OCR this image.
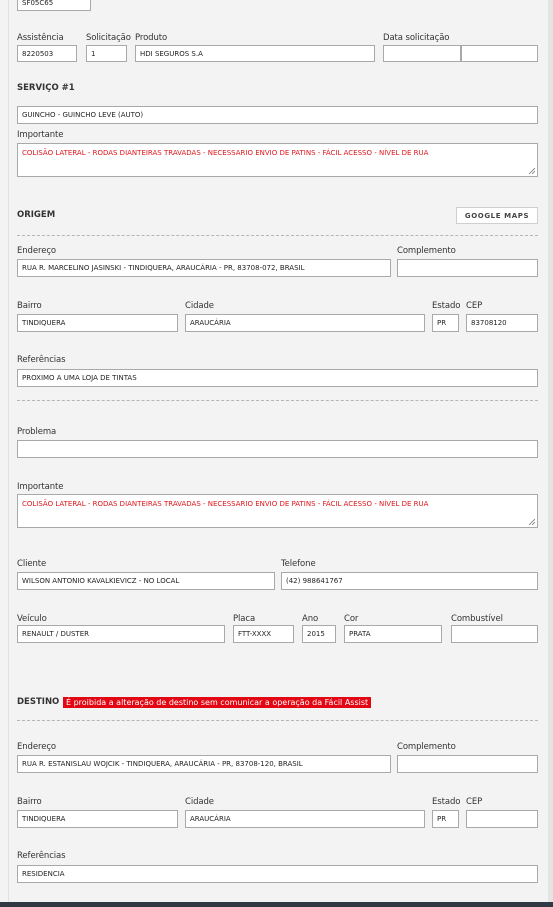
SF05C65
Assistência
8220503
Solicitação
1
Produto
HDI SEGUROS S.A
Data solicitação
SERVIÇO #1
GUINCHO - GUINCHO LEVE (AUTO)
Importante
COLISÃO LATERAL - RODAS DIANTEIRAS TRAVADAS - NECESSARIO ENVIO DE PATINS - FÁCIL ACESSO - NÍVEL DE RUA
ORIGEM	GOOGLE MAPS
Endereço
RUA R. MARCELINO JASINSKI - TINDIQUERA, ARAUCÁRIA - PR, 83708-072, BRASIL
Complemento
Bairro
TINDIQUERA
Cidade
ARAUCÁRIA
Estado
PR
CEP
83708120
Referências
PROXIMO A UMA LOJA DE TINTAS
Problema
Importante
COLISÃO LATERAL - RODAS DIANTEIRAS TRAVADAS - NECESSARIO ENVIO DE PATINS - FÁCIL ACESSO - NÍVEL DE RUA
Cliente
WILSON ANTONIO KAVALKIEVICZ - NO LOCAL
Telefone
(42) 988641767
Veículo
RENAULT / DUSTER
Placa
FTT-XXXX
Ano
2015
Cor
PRATA
Combustível
DESTINO É proibida a alteração de destino sem comunicar a operação da Fácil Assist
Endereço
RUA R. ESTANISLAU WOJCIK - TINDIQUERA, ARAUCÁRIA - PR, 83708-120, BRASIL
Complemento
Bairro
TINDIQUERA
Cidade
ARAUCÁRIA
Estado
PR
CEP
Referências
RESIDENCIA
